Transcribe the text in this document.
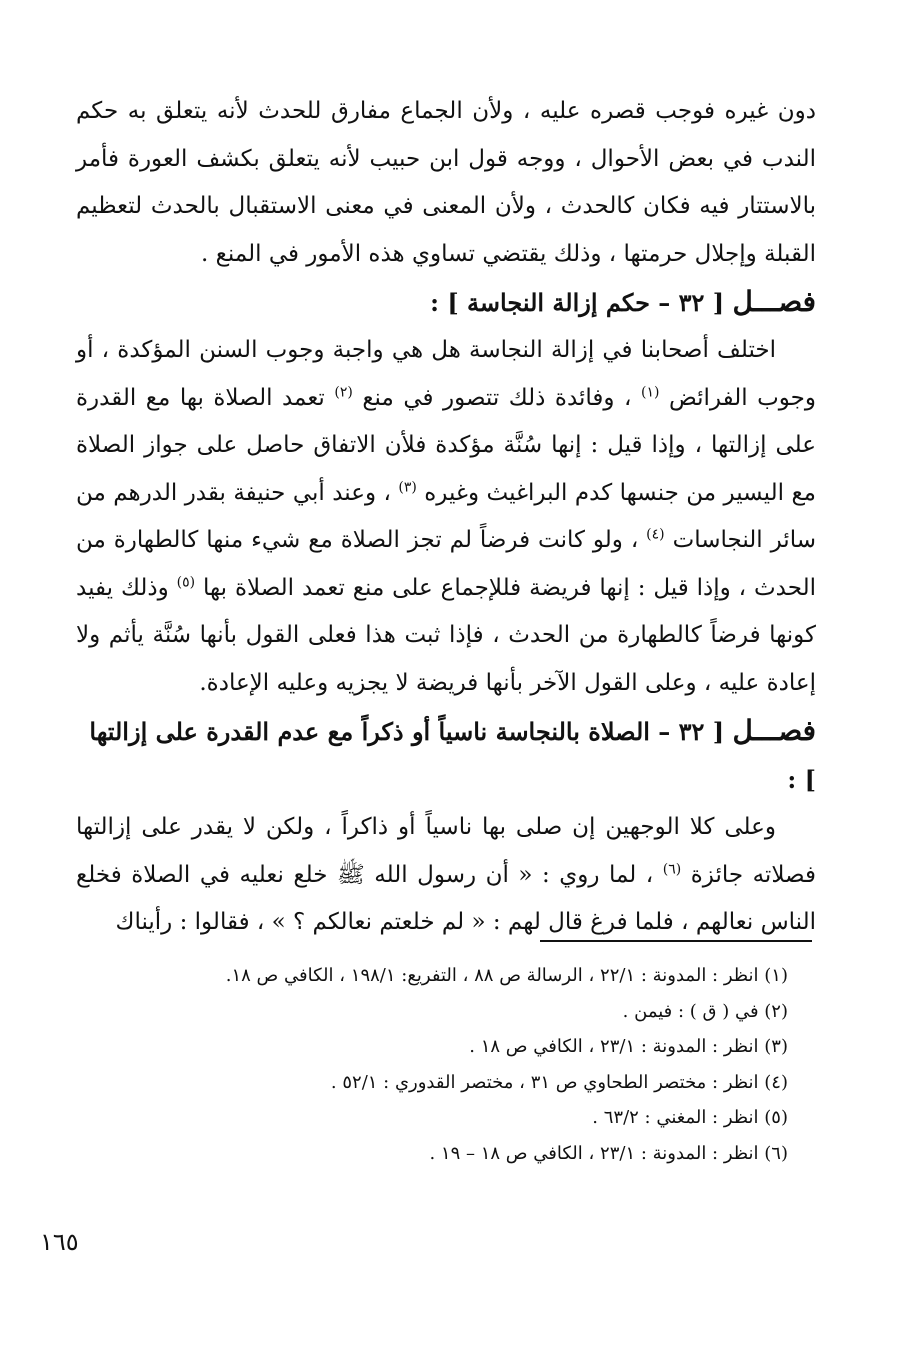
دون غيره فوجب قصره عليه ، ولأن الجماع مفارق للحدث لأنه يتعلق به حكم الندب في بعض الأحوال ، ووجه قول ابن حبيب لأنه يتعلق بكشف العورة فأمر بالاستتار فيه فكان كالحدث ، ولأن المعنى في معنى الاستقبال بالحدث لتعظيم القبلة وإجلال حرمتها ، وذلك يقتضي تساوي هذه الأمور في المنع .

فصـــل [ ٣٢ – حكم إزالة النجاسة ] :

اختلف أصحابنا في إزالة النجاسة هل هي واجبة وجوب السنن المؤكدة ، أو وجوب الفرائض $^{(١)}$ ، وفائدة ذلك تتصور في منع $^{(٢)}$ تعمد الصلاة بها مع القدرة على إزالتها ، وإذا قيل : إنها سُنَّة مؤكدة فلأن الاتفاق حاصل على جواز الصلاة مع اليسير من جنسها كدم البراغيث وغيره $^{(٣)}$ ، وعند أبي حنيفة بقدر الدرهم من سائر النجاسات $^{(٤)}$ ، ولو كانت فرضاً لم تجز الصلاة مع شيء منها كالطهارة من الحدث ، وإذا قيل : إنها فريضة فللإجماع على منع تعمد الصلاة بها $^{(٥)}$ وذلك يفيد كونها فرضاً كالطهارة من الحدث ، فإذا ثبت هذا فعلى القول بأنها سُنَّة يأثم ولا إعادة عليه ، وعلى القول الآخر بأنها فريضة لا يجزيه وعليه الإعادة.

فصـــل [ ٣٢ – الصلاة بالنجاسة ناسياً أو ذكراً مع عدم القدرة على إزالتها ] :

وعلى كلا الوجهين إن صلى بها ناسياً أو ذاكراً ، ولكن لا يقدر على إزالتها فصلاته جائزة $^{(٦)}$ ، لما روي : « أن رسول الله ﷺ خلع نعليه في الصلاة فخلع الناس نعالهم ، فلما فرغ قال لهم : « لم خلعتم نعالكم ؟ » ، فقالوا : رأيناك

(١) انظر : المدونة : ٢٢/١ ، الرسالة ص ٨٨ ، التفريع: ١٩٨/١ ، الكافي ص ١٨.

(٢) في ( ق ) : فيمن .

(٣) انظر : المدونة : ٢٣/١ ، الكافي ص ١٨ .

(٤) انظر : مختصر الطحاوي ص ٣١ ، مختصر القدوري : ٥٢/١ .

(٥) انظر : المغني : ٦٣/٢ .

(٦) انظر : المدونة : ٢٣/١ ، الكافي ص ١٨ – ١٩ .

١٦٥
